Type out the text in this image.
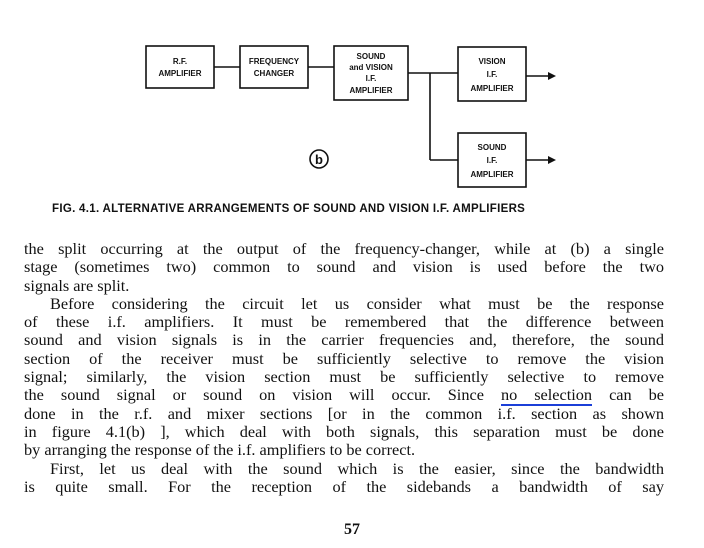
R.F.
AMPLIFIER
FREQUENCY
CHANGER
SOUND
and VISION
I.F.
AMPLIFIER
VISION
I.F.
AMPLIFIER
SOUND
I.F.
AMPLIFIER
b
FIG. 4.1. ALTERNATIVE ARRANGEMENTS OF SOUND AND VISION I.F. AMPLIFIERS
the split occurring at the output of the frequency-changer, while at (b) a single
stage (sometimes two) common to sound and vision is used before the two
signals are split.
Before considering the circuit let us consider what must be the response
of these i.f. amplifiers. It must be remembered that the difference between
sound and vision signals is in the carrier frequencies and, therefore, the sound
section of the receiver must be sufficiently selective to remove the vision
signal; similarly, the vision section must be sufficiently selective to remove
the sound signal or sound on vision will occur. Since no selection can be
done in the r.f. and mixer sections [or in the common i.f. section as shown
in figure 4.1(b) ], which deal with both signals, this separation must be done
by arranging the response of the i.f. amplifiers to be correct.
First, let us deal with the sound which is the easier, since the bandwidth
is quite small. For the reception of the sidebands a bandwidth of say
57
